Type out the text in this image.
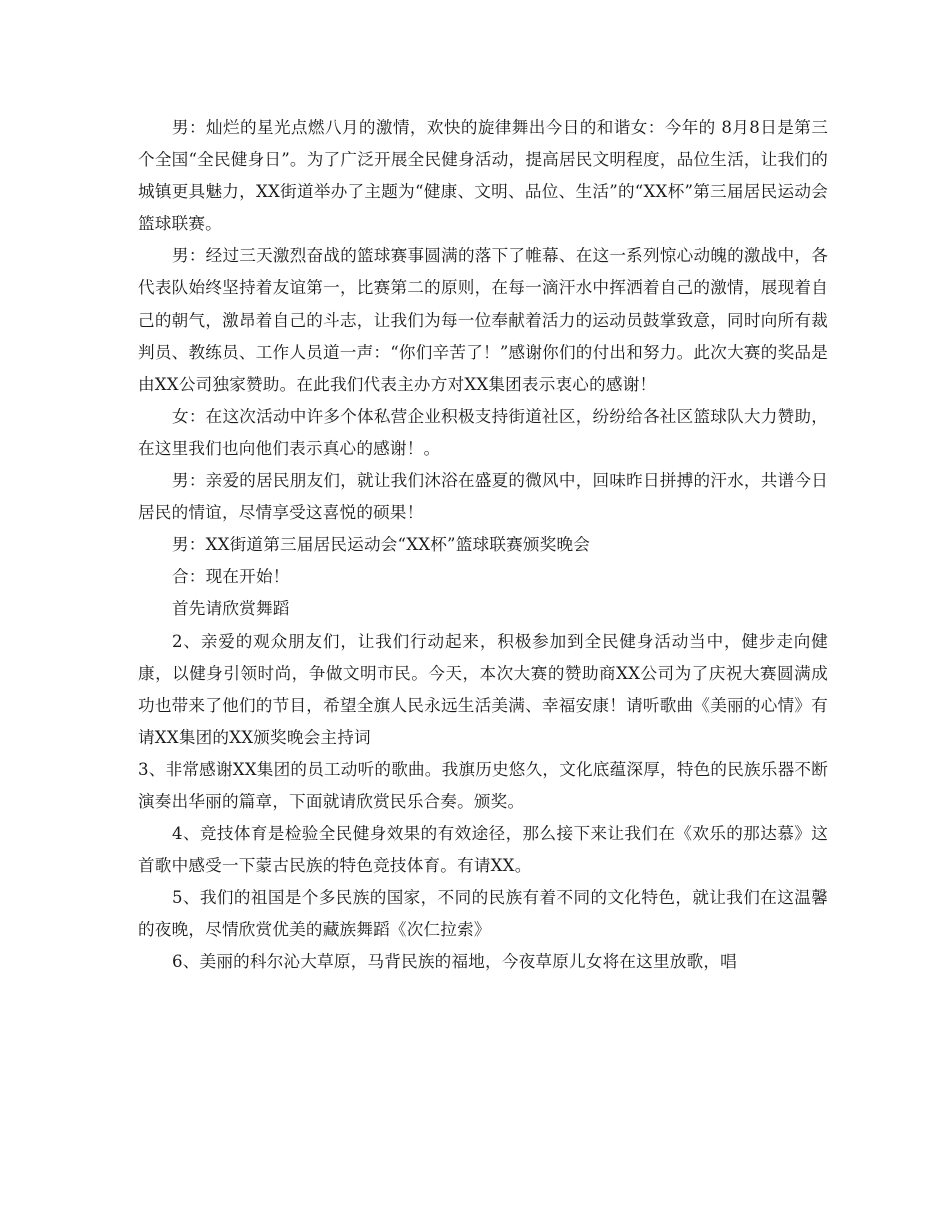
男：灿烂的星光点燃八月的激情，欢快的旋律舞出今日的和谐女：今年的 8月8日是第三个全国“全民健身日”。为了广泛开展全民健身活动，提高居民文明程度，品位生活，让我们的城镇更具魅力，XX街道举办了主题为“健康、文明、品位、生活”的“XX杯”第三届居民运动会篮球联赛。

男：经过三天激烈奋战的篮球赛事圆满的落下了帷幕、在这一系列惊心动魄的激战中，各代表队始终坚持着友谊第一，比赛第二的原则，在每一滴汗水中挥洒着自己的激情，展现着自己的朝气，激昂着自己的斗志，让我们为每一位奉献着活力的运动员鼓掌致意，同时向所有裁判员、教练员、工作人员道一声：“你们辛苦了！”感谢你们的付出和努力。此次大赛的奖品是由XX公司独家赞助。在此我们代表主办方对XX集团表示衷心的感谢！

女：在这次活动中许多个体私营企业积极支持街道社区，纷纷给各社区篮球队大力赞助，在这里我们也向他们表示真心的感谢！。

男：亲爱的居民朋友们，就让我们沐浴在盛夏的微风中，回味昨日拼搏的汗水，共谱今日居民的情谊，尽情享受这喜悦的硕果！

男：XX街道第三届居民运动会“XX杯”篮球联赛颁奖晚会

合：现在开始！

首先请欣赏舞蹈

2、亲爱的观众朋友们，让我们行动起来，积极参加到全民健身活动当中，健步走向健康，以健身引领时尚，争做文明市民。今天，本次大赛的赞助商XX公司为了庆祝大赛圆满成功也带来了他们的节目，希望全旗人民永远生活美满、幸福安康！请听歌曲《美丽的心情》有请XX集团的XX颁奖晚会主持词

3、非常感谢XX集团的员工动听的歌曲。我旗历史悠久，文化底蕴深厚，特色的民族乐器不断演奏出华丽的篇章，下面就请欣赏民乐合奏。颁奖。

4、竞技体育是检验全民健身效果的有效途径，那么接下来让我们在《欢乐的那达慕》这首歌中感受一下蒙古民族的特色竞技体育。有请XX。

5、我们的祖国是个多民族的国家，不同的民族有着不同的文化特色，就让我们在这温馨的夜晚，尽情欣赏优美的藏族舞蹈《次仁拉索》

6、美丽的科尔沁大草原，马背民族的福地，今夜草原儿女将在这里放歌，唱
